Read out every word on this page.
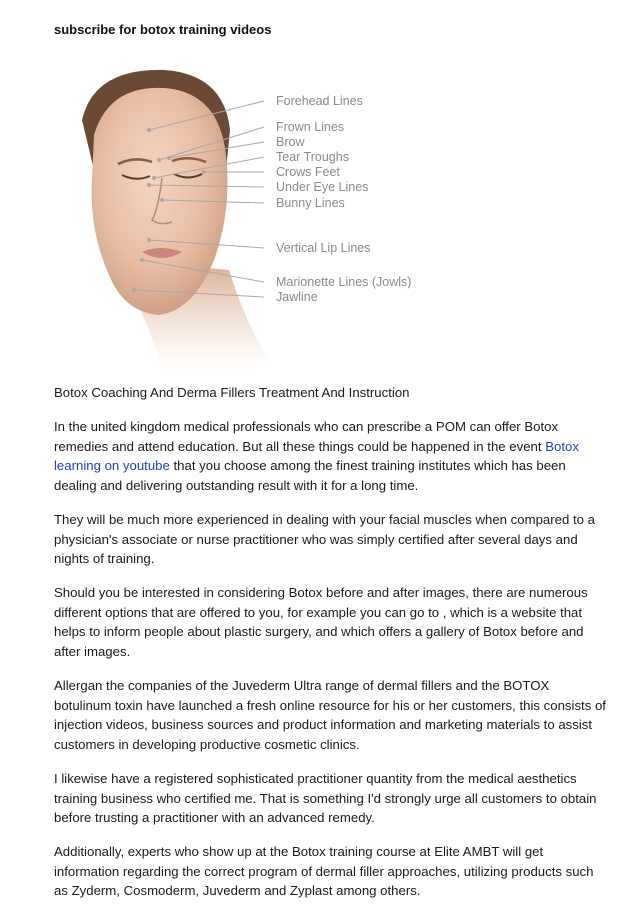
subscribe for botox training videos
Forehead Lines
Frown Lines
Brow
Tear Troughs
Crows Feet
Under Eye Lines
Bunny Lines
Vertical Lip Lines
Marionette Lines (Jowls)
Jawline

Botox Coaching And Derma Fillers Treatment And Instruction

In the united kingdom medical professionals who can prescribe a POM can offer Botox remedies and attend education. But all these things could be happened in the event Botox learning on youtube that you choose among the finest training institutes which has been dealing and delivering outstanding result with it for a long time.

They will be much more experienced in dealing with your facial muscles when compared to a physician's associate or nurse practitioner who was simply certified after several days and nights of training.

Should you be interested in considering Botox before and after images, there are numerous different options that are offered to you, for example you can go to , which is a website that helps to inform people about plastic surgery, and which offers a gallery of Botox before and after images.

Allergan the companies of the Juvederm Ultra range of dermal fillers and the BOTOX botulinum toxin have launched a fresh online resource for his or her customers, this consists of injection videos, business sources and product information and marketing materials to assist customers in developing productive cosmetic clinics.

I likewise have a registered sophisticated practitioner quantity from the medical aesthetics training business who certified me. That is something I'd strongly urge all customers to obtain before trusting a practitioner with an advanced remedy.

Additionally, experts who show up at the Botox training course at Elite AMBT will get information regarding the correct program of dermal filler approaches, utilizing products such as Zyderm, Cosmoderm, Juvederm and Zyplast among others.
